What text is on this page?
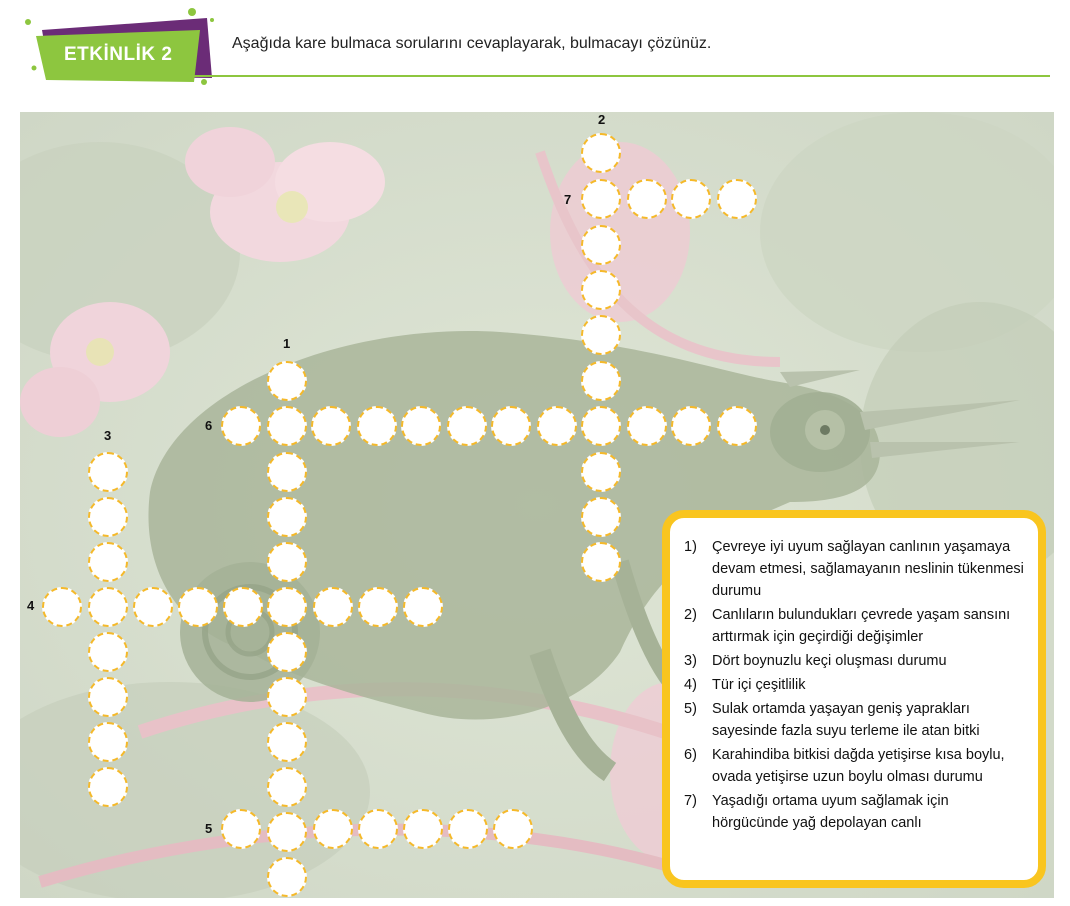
ETKİNLİK 2
Aşağıda kare bulmaca sorularını cevaplayarak, bulmacayı çözünüz.
2
7
1
6
3
4
5
1)	Çevreye iyi uyum sağlayan canlının yaşamaya devam etmesi, sağlamayanın neslinin tükenmesi durumu
2)	Canlıların bulundukları çevrede yaşam sansını arttırmak için geçirdiği değişimler
3)	Dört boynuzlu keçi oluşması durumu
4)	Tür içi çeşitlilik
5)	Sulak ortamda yaşayan geniş yaprakları sayesinde fazla suyu terleme ile atan bitki
6)	Karahindiba bitkisi dağda yetişirse kısa boylu, ovada yetişirse uzun boylu olması durumu
7)	Yaşadığı ortama uyum sağlamak için hörgücünde yağ depolayan canlı
